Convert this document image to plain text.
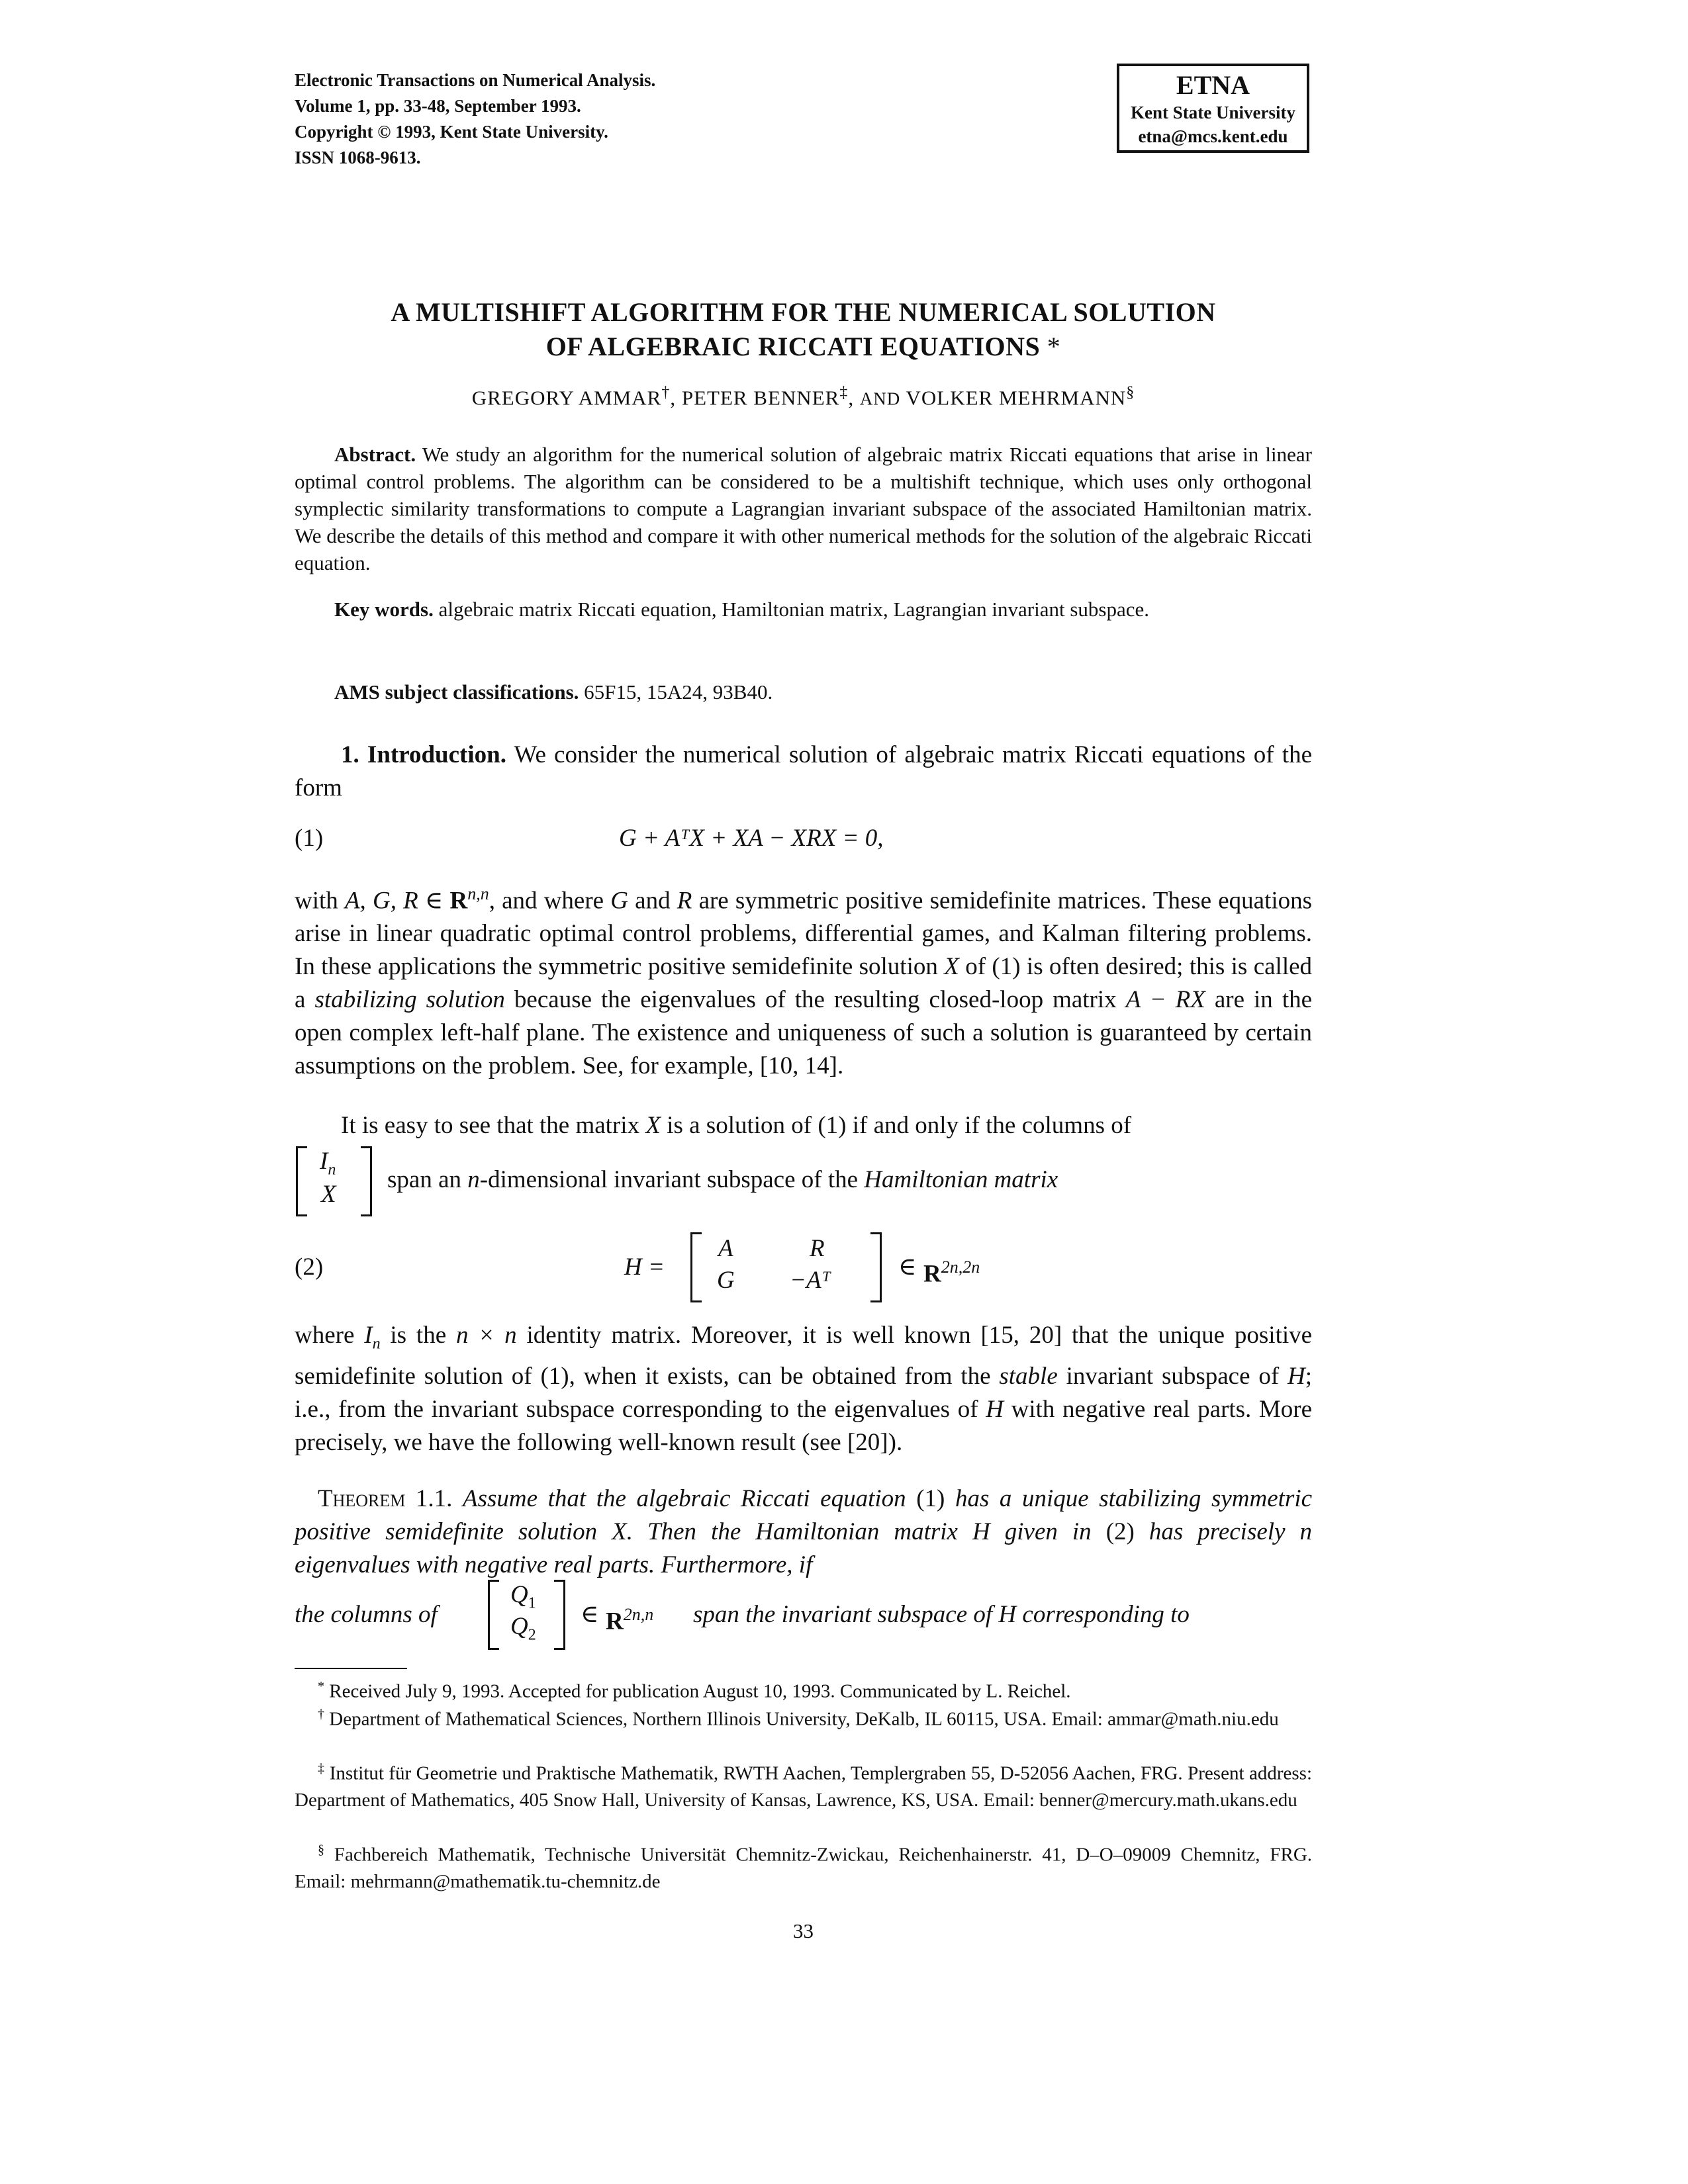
Electronic Transactions on Numerical Analysis.
Volume 1, pp. 33-48, September 1993.
Copyright © 1993, Kent State University.
ISSN 1068-9613.
ETNA
Kent State University
etna@mcs.kent.edu
A MULTISHIFT ALGORITHM FOR THE NUMERICAL SOLUTION
OF ALGEBRAIC RICCATI EQUATIONS *
GREGORY AMMAR†, PETER BENNER‡, AND VOLKER MEHRMANN§
Abstract. We study an algorithm for the numerical solution of algebraic matrix Riccati equations that arise in linear optimal control problems. The algorithm can be considered to be a multishift technique, which uses only orthogonal symplectic similarity transformations to compute a Lagrangian invariant subspace of the associated Hamiltonian matrix. We describe the details of this method and compare it with other numerical methods for the solution of the algebraic Riccati equation.
Key words. algebraic matrix Riccati equation, Hamiltonian matrix, Lagrangian invariant subspace.
AMS subject classifications. 65F15, 15A24, 93B40.
1. Introduction. We consider the numerical solution of algebraic matrix Riccati equations of the form
(1)	G + AᵀX + XA − XRX = 0,
with A, G, R ∈ R$^{n,n}$, and where G and R are symmetric positive semidefinite matrices. These equations arise in linear quadratic optimal control problems, differential games, and Kalman filtering problems. In these applications the symmetric positive semidefinite solution X of (1) is often desired; this is called a stabilizing solution because the eigenvalues of the resulting closed-loop matrix A − RX are in the open complex left-half plane. The existence and uniqueness of such a solution is guaranteed by certain assumptions on the problem. See, for example, [10, 14].
It is easy to see that the matrix X is a solution of (1) if and only if the columns of
$I_n$
X
span an n-dimensional invariant subspace of the Hamiltonian matrix
(2)	H =
A	R
G −Aᵀ	∈ $R^{2n,2n}$
where $I_n$ is the n × n identity matrix. Moreover, it is well known [15, 20] that the unique positive semidefinite solution of (1), when it exists, can be obtained from the stable invariant subspace of H; i.e., from the invariant subspace corresponding to the eigenvalues of H with negative real parts. More precisely, we have the following well-known result (see [20]).
Theorem 1.1. Assume that the algebraic Riccati equation (1) has a unique stabilizing symmetric positive semidefinite solution X. Then the Hamiltonian matrix H given in (2) has precisely n eigenvalues with negative real parts. Furthermore, if
the columns of
$Q_1$
$Q_2$
∈ $R^{2n,n}$ span the invariant subspace of H corresponding to
* Received July 9, 1993. Accepted for publication August 10, 1993. Communicated by L. Reichel.
† Department of Mathematical Sciences, Northern Illinois University, DeKalb, IL 60115, USA. Email: ammar@math.niu.edu
‡ Institut für Geometrie und Praktische Mathematik, RWTH Aachen, Templergraben 55, D-52056 Aachen, FRG. Present address: Department of Mathematics, 405 Snow Hall, University of Kansas, Lawrence, KS, USA. Email: benner@mercury.math.ukans.edu
§ Fachbereich Mathematik, Technische Universität Chemnitz-Zwickau, Reichenhainerstr. 41, D–O–09009 Chemnitz, FRG. Email: mehrmann@mathematik.tu-chemnitz.de
33
